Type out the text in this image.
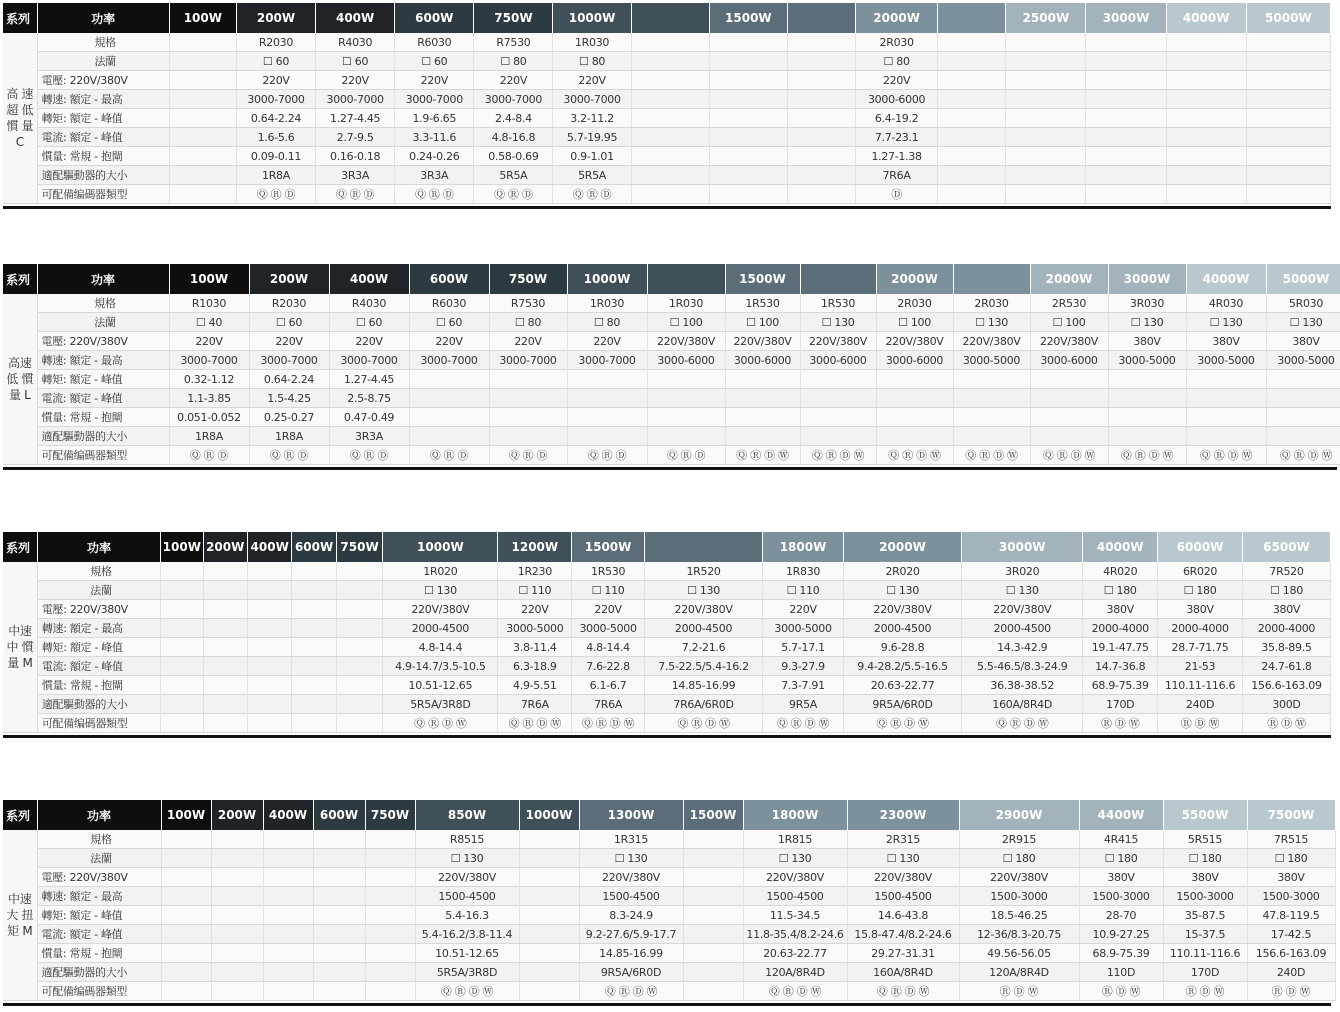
系列	功率	100W	200W	400W	600W	750W	1000W		1500W		2000W		2500W	3000W	4000W	5000W
高 速 超 低 慣 量 C	規格		R2030	R4030	R6030	R7530	1R030				2R030					
	法蘭		☐ 60	☐ 60	☐ 60	☐ 80	☐ 80				☐ 80					
	電壓: 220V/380V		220V	220V	220V	220V	220V				220V					
	轉速: 額定 - 最高		3000-7000	3000-7000	3000-7000	3000-7000	3000-7000				3000-6000					
	轉矩: 額定 - 峰值		0.64-2.24	1.27-4.45	1.9-6.65	2.4-8.4	3.2-11.2				6.4-19.2					
	電流: 額定 - 峰值		1.6-5.6	2.7-9.5	3.3-11.6	4.8-16.8	5.7-19.95				7.7-23.1					
	慣量: 常規 - 抱閘		0.09-0.11	0.16-0.18	0.24-0.26	0.58-0.69	0.9-1.01				1.27-1.38					
	適配驅動器的大小		1R8A	3R3A	3R3A	5R5A	5R5A				7R6A					
	可配備编碼器類型		Ⓠ Ⓡ Ⓓ	Ⓠ Ⓡ Ⓓ	Ⓠ Ⓡ Ⓓ	Ⓠ Ⓡ Ⓓ	Ⓠ Ⓡ Ⓓ				Ⓓ					
系列	功率	100W	200W	400W	600W	750W	1000W		1500W		2000W		2000W	3000W	4000W	5000W
高速 低 慣 量 L	規格	R1030	R2030	R4030	R6030	R7530	1R030	1R030	1R530	1R530	2R030	2R030	2R530	3R030	4R030	5R030
	法蘭	☐ 40	☐ 60	☐ 60	☐ 60	☐ 80	☐ 80	☐ 100	☐ 100	☐ 130	☐ 100	☐ 130	☐ 100	☐ 130	☐ 130	☐ 130
	電壓: 220V/380V	220V	220V	220V	220V	220V	220V	220V/380V	220V/380V	220V/380V	220V/380V	220V/380V	220V/380V	380V	380V	380V
	轉速: 額定 - 最高	3000-7000	3000-7000	3000-7000	3000-7000	3000-7000	3000-7000	3000-6000	3000-6000	3000-6000	3000-6000	3000-5000	3000-6000	3000-5000	3000-5000	3000-5000
	轉矩: 額定 - 峰值	0.32-1.12	0.64-2.24	1.27-4.45												
	電流: 額定 - 峰值	1.1-3.85	1.5-4.25	2.5-8.75												
	慣量: 常規 - 抱閘	0.051-0.052	0.25-0.27	0.47-0.49												
	適配驅動器的大小	1R8A	1R8A	3R3A												
	可配備编碼器類型	Ⓠ Ⓡ Ⓓ	Ⓠ Ⓡ Ⓓ	Ⓠ Ⓡ Ⓓ	Ⓠ Ⓡ Ⓓ	Ⓠ Ⓡ Ⓓ	Ⓠ Ⓡ Ⓓ	Ⓠ Ⓡ Ⓓ	Ⓠ Ⓡ Ⓓ Ⓦ	Ⓠ Ⓡ Ⓓ Ⓦ	Ⓠ Ⓡ Ⓓ Ⓦ	Ⓠ Ⓡ Ⓓ Ⓦ	Ⓠ Ⓡ Ⓓ Ⓦ	Ⓠ Ⓡ Ⓓ Ⓦ	Ⓠ Ⓡ Ⓓ Ⓦ	Ⓠ Ⓡ Ⓓ Ⓦ
系列	功率	100W	200W	400W	600W	750W	1000W	1200W	1500W		1800W	2000W	3000W	4000W	6000W	6500W
中速 中 慣 量 M	規格						1R020	1R230	1R530	1R520	1R830	2R020	3R020	4R020	6R020	7R520
	法蘭						☐ 130	☐ 110	☐ 110	☐ 130	☐ 110	☐ 130	☐ 130	☐ 180	☐ 180	☐ 180
	電壓: 220V/380V						220V/380V	220V	220V	220V/380V	220V	220V/380V	220V/380V	380V	380V	380V
	轉速: 額定 - 最高						2000-4500	3000-5000	3000-5000	2000-4500	3000-5000	2000-4500	2000-4500	2000-4000	2000-4000	2000-4000
	轉矩: 額定 - 峰值						4.8-14.4	3.8-11.4	4.8-14.4	7.2-21.6	5.7-17.1	9.6-28.8	14.3-42.9	19.1-47.75	28.7-71.75	35.8-89.5
	電流: 額定 - 峰值						4.9-14.7/3.5-10.5	6.3-18.9	7.6-22.8	7.5-22.5/5.4-16.2	9.3-27.9	9.4-28.2/5.5-16.5	5.5-46.5/8.3-24.9	14.7-36.8	21-53	24.7-61.8
	慣量: 常規 - 抱閘						10.51-12.65	4.9-5.51	6.1-6.7	14.85-16.99	7.3-7.91	20.63-22.77	36.38-38.52	68.9-75.39	110.11-116.6	156.6-163.09
	適配驅動器的大小						5R5A/3R8D	7R6A	7R6A	7R6A/6R0D	9R5A	9R5A/6R0D	160A/8R4D	170D	240D	300D
	可配備编碼器類型						Ⓠ Ⓡ Ⓓ Ⓦ	Ⓠ Ⓡ Ⓓ Ⓦ	Ⓠ Ⓡ Ⓓ Ⓦ	Ⓠ Ⓡ Ⓓ Ⓦ	Ⓠ Ⓡ Ⓓ Ⓦ	Ⓠ Ⓡ Ⓓ Ⓦ	Ⓠ Ⓡ Ⓓ Ⓦ	Ⓡ Ⓓ Ⓦ	Ⓡ Ⓓ Ⓦ	Ⓡ Ⓓ Ⓦ
系列	功率	100W	200W	400W	600W	750W	850W	1000W	1300W	1500W	1800W	2300W	2900W	4400W	5500W	7500W
中速 大 扭 矩 M	規格						R8515		1R315		1R815	2R315	2R915	4R415	5R515	7R515
	法蘭						☐ 130		☐ 130		☐ 130	☐ 130	☐ 180	☐ 180	☐ 180	☐ 180
	電壓: 220V/380V						220V/380V		220V/380V		220V/380V	220V/380V	220V/380V	380V	380V	380V
	轉速: 額定 - 最高						1500-4500		1500-4500		1500-4500	1500-4500	1500-3000	1500-3000	1500-3000	1500-3000
	轉矩: 額定 - 峰值						5.4-16.3		8.3-24.9		11.5-34.5	14.6-43.8	18.5-46.25	28-70	35-87.5	47.8-119.5
	電流: 額定 - 峰值						5.4-16.2/3.8-11.4		9.2-27.6/5.9-17.7		11.8-35.4/8.2-24.6	15.8-47.4/8.2-24.6	12-36/8.3-20.75	10.9-27.25	15-37.5	17-42.5
	慣量: 常規 - 抱閘						10.51-12.65		14.85-16.99		20.63-22.77	29.27-31.31	49.56-56.05	68.9-75.39	110.11-116.6	156.6-163.09
	適配驅動器的大小						5R5A/3R8D		9R5A/6R0D		120A/8R4D	160A/8R4D	120A/8R4D	110D	170D	240D
	可配備编碼器類型						Ⓠ Ⓡ Ⓓ Ⓦ		Ⓠ Ⓡ Ⓓ Ⓦ		Ⓠ Ⓡ Ⓓ Ⓦ	Ⓠ Ⓡ Ⓓ Ⓦ	Ⓡ Ⓓ Ⓦ	Ⓡ Ⓓ Ⓦ	Ⓡ Ⓓ Ⓦ	Ⓡ Ⓓ Ⓦ
